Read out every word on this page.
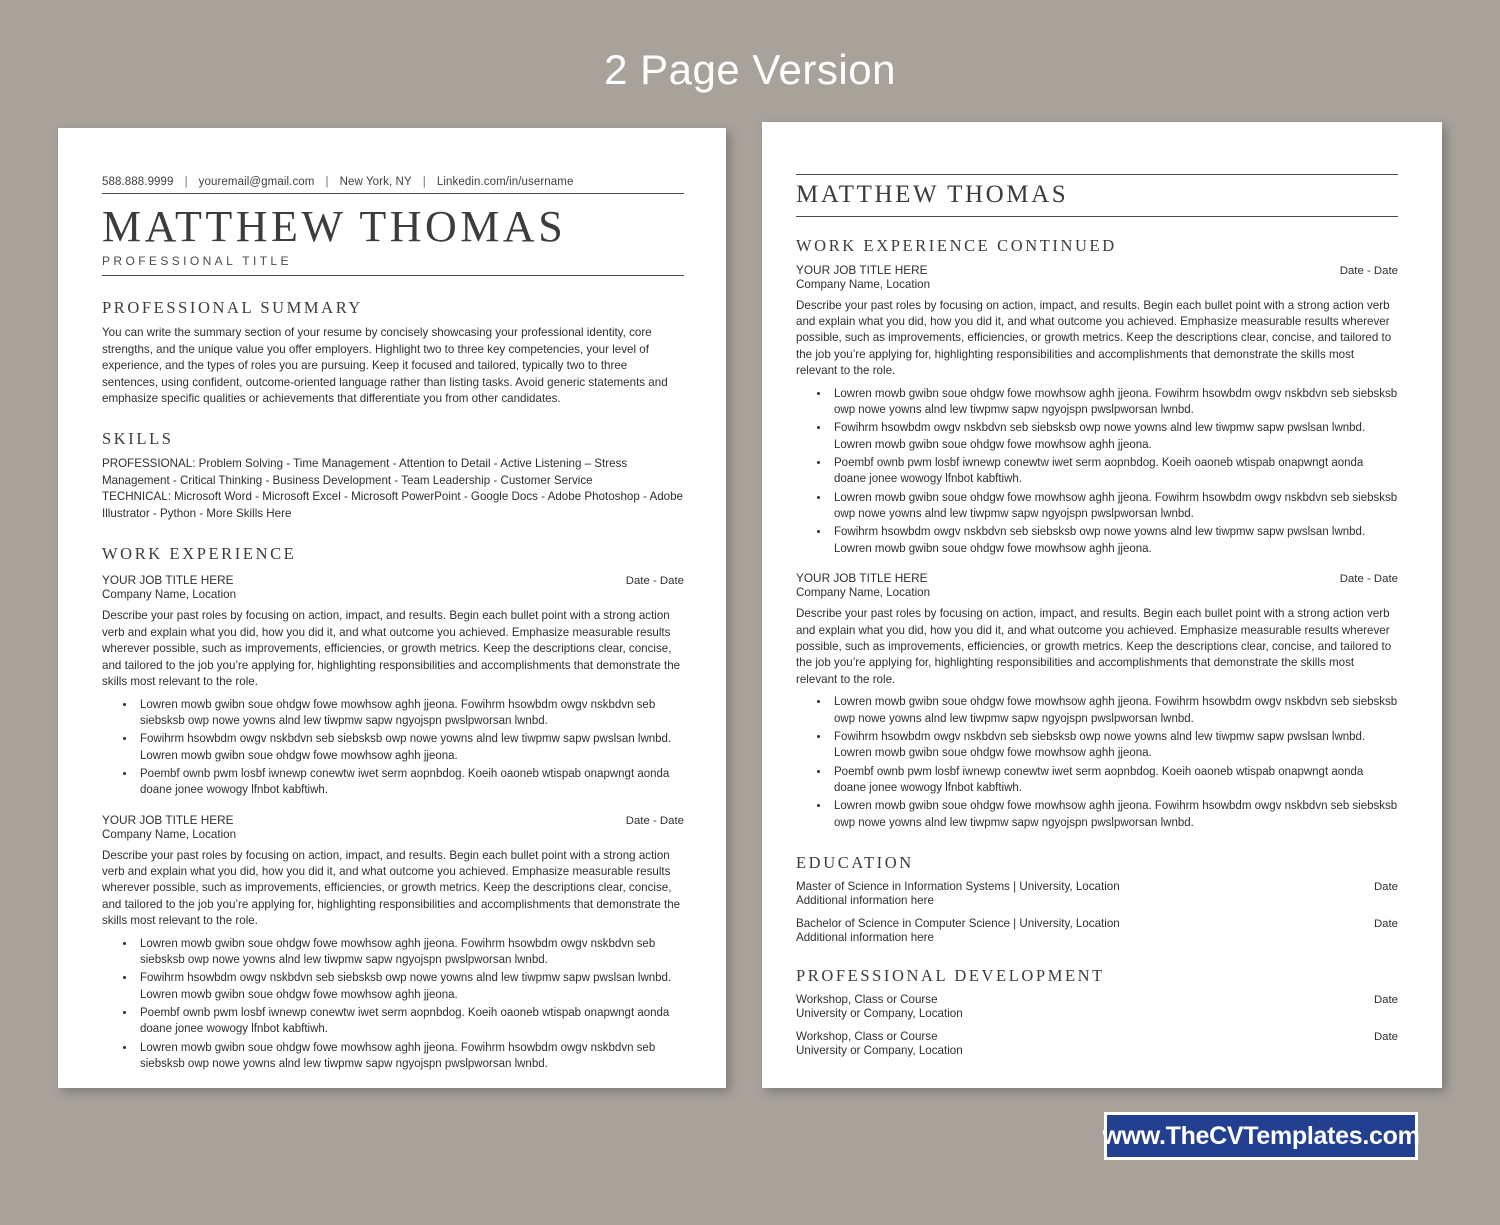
2 Page Version
588.888.9999 | youremail@gmail.com | New York, NY | Linkedin.com/in/username
MATTHEW THOMAS
PROFESSIONAL TITLE
PROFESSIONAL SUMMARY
You can write the summary section of your resume by concisely showcasing your professional identity, core strengths, and the unique value you offer employers. Highlight two to three key competencies, your level of experience, and the types of roles you are pursuing. Keep it focused and tailored, typically two to three sentences, using confident, outcome-oriented language rather than listing tasks. Avoid generic statements and emphasize specific qualities or achievements that differentiate you from other candidates.
SKILLS
PROFESSIONAL: Problem Solving - Time Management - Attention to Detail - Active Listening – Stress Management - Critical Thinking - Business Development - Team Leadership - Customer Service
TECHNICAL: Microsoft Word - Microsoft Excel - Microsoft PowerPoint - Google Docs - Adobe Photoshop - Adobe Illustrator - Python - More Skills Here
WORK EXPERIENCE
YOUR JOB TITLE HERE	Date - Date
Company Name, Location
Describe your past roles by focusing on action, impact, and results. Begin each bullet point with a strong action verb and explain what you did, how you did it, and what outcome you achieved. Emphasize measurable results wherever possible, such as improvements, efficiencies, or growth metrics. Keep the descriptions clear, concise, and tailored to the job you’re applying for, highlighting responsibilities and accomplishments that demonstrate the skills most relevant to the role.
• Lowren mowb gwibn soue ohdgw fowe mowhsow aghh jjeona. Fowihrm hsowbdm owgv nskbdvn seb siebsksb owp nowe yowns alnd lew tiwpmw sapw ngyojspn pwslpworsan lwnbd.
• Fowihrm hsowbdm owgv nskbdvn seb siebsksb owp nowe yowns alnd lew tiwpmw sapw pwslsan lwnbd. Lowren mowb gwibn soue ohdgw fowe mowhsow aghh jjeona.
• Poembf ownb pwm losbf iwnewp conewtw iwet serm aopnbdog. Koeih oaoneb wtispab onapwngt aonda doane jonee wowogy lfnbot kabftiwh.
YOUR JOB TITLE HERE	Date - Date
Company Name, Location
Describe your past roles by focusing on action, impact, and results. Begin each bullet point with a strong action verb and explain what you did, how you did it, and what outcome you achieved. Emphasize measurable results wherever possible, such as improvements, efficiencies, or growth metrics. Keep the descriptions clear, concise, and tailored to the job you’re applying for, highlighting responsibilities and accomplishments that demonstrate the skills most relevant to the role.
• Lowren mowb gwibn soue ohdgw fowe mowhsow aghh jjeona. Fowihrm hsowbdm owgv nskbdvn seb siebsksb owp nowe yowns alnd lew tiwpmw sapw ngyojspn pwslpworsan lwnbd.
• Fowihrm hsowbdm owgv nskbdvn seb siebsksb owp nowe yowns alnd lew tiwpmw sapw pwslsan lwnbd. Lowren mowb gwibn soue ohdgw fowe mowhsow aghh jjeona.
• Poembf ownb pwm losbf iwnewp conewtw iwet serm aopnbdog. Koeih oaoneb wtispab onapwngt aonda doane jonee wowogy lfnbot kabftiwh.
• Lowren mowb gwibn soue ohdgw fowe mowhsow aghh jjeona. Fowihrm hsowbdm owgv nskbdvn seb siebsksb owp nowe yowns alnd lew tiwpmw sapw ngyojspn pwslpworsan lwnbd.
MATTHEW THOMAS
WORK EXPERIENCE CONTINUED
YOUR JOB TITLE HERE	Date - Date
Company Name, Location
Describe your past roles by focusing on action, impact, and results. Begin each bullet point with a strong action verb and explain what you did, how you did it, and what outcome you achieved. Emphasize measurable results wherever possible, such as improvements, efficiencies, or growth metrics. Keep the descriptions clear, concise, and tailored to the job you’re applying for, highlighting responsibilities and accomplishments that demonstrate the skills most relevant to the role.
• Lowren mowb gwibn soue ohdgw fowe mowhsow aghh jjeona. Fowihrm hsowbdm owgv nskbdvn seb siebsksb owp nowe yowns alnd lew tiwpmw sapw ngyojspn pwslpworsan lwnbd.
• Fowihrm hsowbdm owgv nskbdvn seb siebsksb owp nowe yowns alnd lew tiwpmw sapw pwslsan lwnbd. Lowren mowb gwibn soue ohdgw fowe mowhsow aghh jjeona.
• Poembf ownb pwm losbf iwnewp conewtw iwet serm aopnbdog. Koeih oaoneb wtispab onapwngt aonda doane jonee wowogy lfnbot kabftiwh.
• Lowren mowb gwibn soue ohdgw fowe mowhsow aghh jjeona. Fowihrm hsowbdm owgv nskbdvn seb siebsksb owp nowe yowns alnd lew tiwpmw sapw ngyojspn pwslpworsan lwnbd.
• Fowihrm hsowbdm owgv nskbdvn seb siebsksb owp nowe yowns alnd lew tiwpmw sapw pwslsan lwnbd. Lowren mowb gwibn soue ohdgw fowe mowhsow aghh jjeona.
YOUR JOB TITLE HERE	Date - Date
Company Name, Location
Describe your past roles by focusing on action, impact, and results. Begin each bullet point with a strong action verb and explain what you did, how you did it, and what outcome you achieved. Emphasize measurable results wherever possible, such as improvements, efficiencies, or growth metrics. Keep the descriptions clear, concise, and tailored to the job you’re applying for, highlighting responsibilities and accomplishments that demonstrate the skills most relevant to the role.
• Lowren mowb gwibn soue ohdgw fowe mowhsow aghh jjeona. Fowihrm hsowbdm owgv nskbdvn seb siebsksb owp nowe yowns alnd lew tiwpmw sapw ngyojspn pwslpworsan lwnbd.
• Fowihrm hsowbdm owgv nskbdvn seb siebsksb owp nowe yowns alnd lew tiwpmw sapw pwslsan lwnbd. Lowren mowb gwibn soue ohdgw fowe mowhsow aghh jjeona.
• Poembf ownb pwm losbf iwnewp conewtw iwet serm aopnbdog. Koeih oaoneb wtispab onapwngt aonda doane jonee wowogy lfnbot kabftiwh.
• Lowren mowb gwibn soue ohdgw fowe mowhsow aghh jjeona. Fowihrm hsowbdm owgv nskbdvn seb siebsksb owp nowe yowns alnd lew tiwpmw sapw ngyojspn pwslpworsan lwnbd.
EDUCATION
Master of Science in Information Systems | University, Location	Date
Additional information here
Bachelor of Science in Computer Science | University, Location	Date
Additional information here
PROFESSIONAL DEVELOPMENT
Workshop, Class or Course	Date
University or Company, Location
Workshop, Class or Course	Date
University or Company, Location
www.TheCVTemplates.com
